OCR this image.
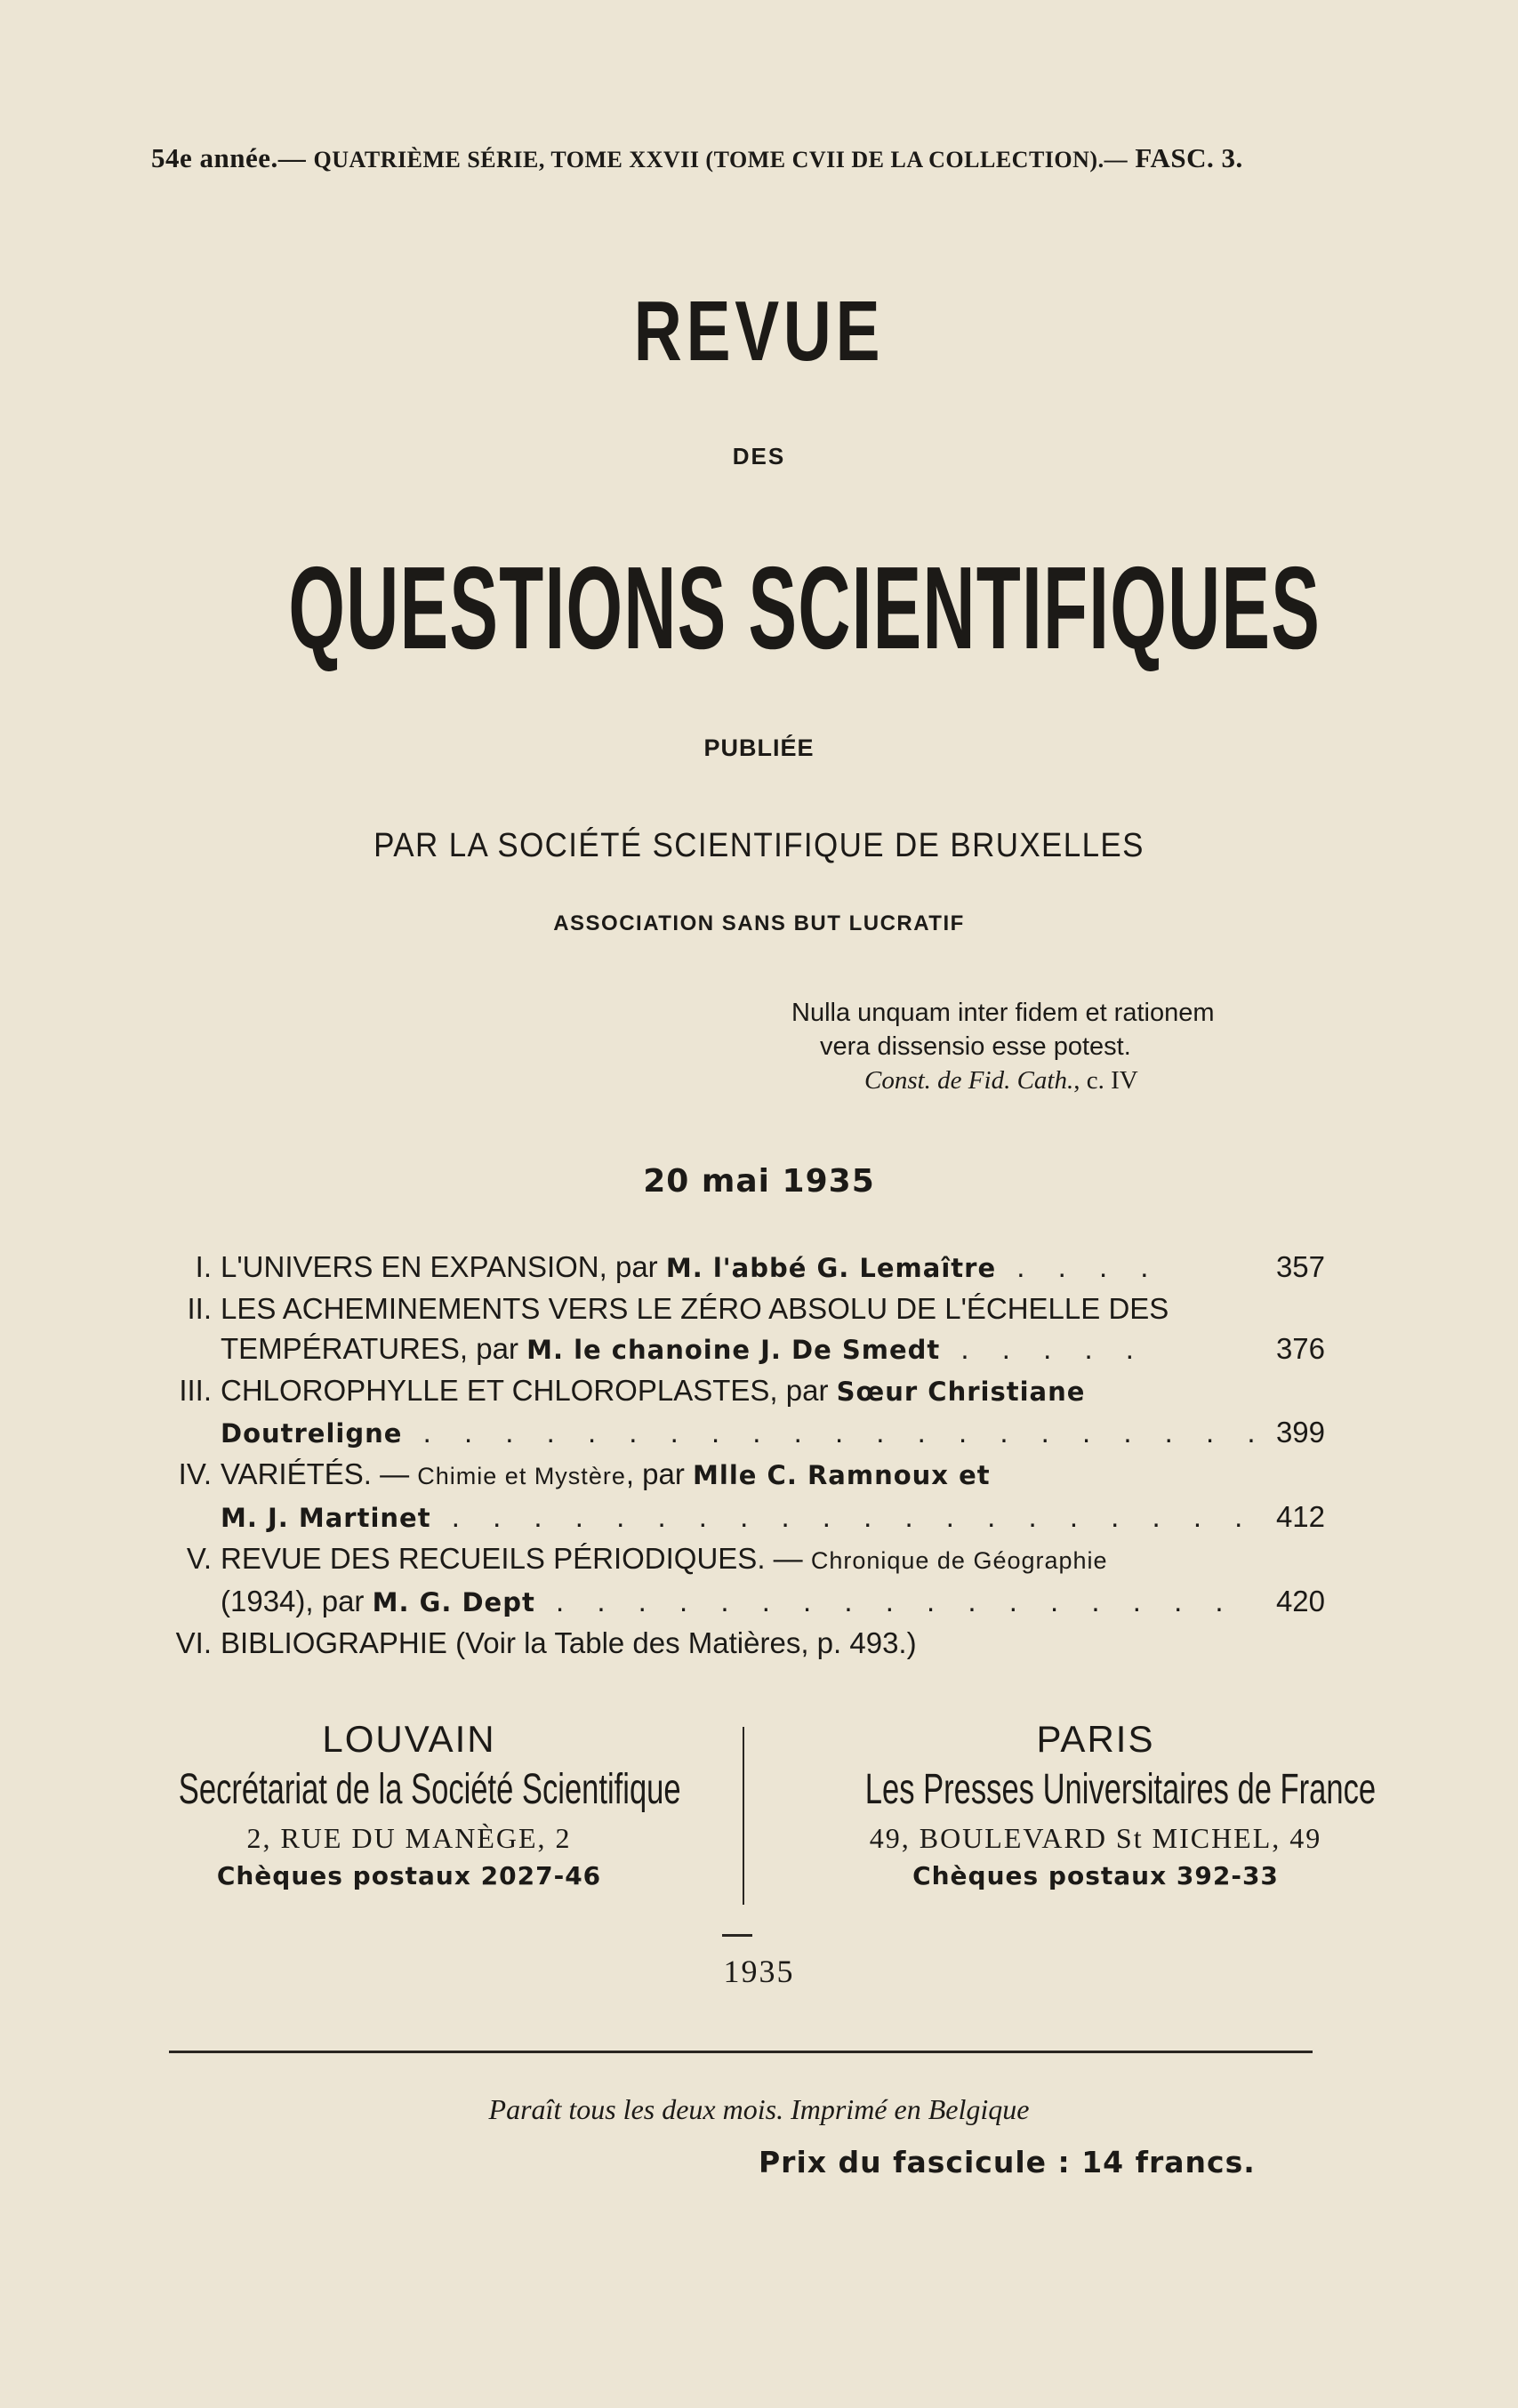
54e année.— QUATRIÈME SÉRIE, TOME XXVII (TOME CVII DE LA COLLECTION).— FASC. 3.
REVUE
DES
QUESTIONS SCIENTIFIQUES
PUBLIÉE
PAR LA SOCIÉTÉ SCIENTIFIQUE DE BRUXELLES
ASSOCIATION SANS BUT LUCRATIF
Nulla unquam inter fidem et rationem
vera dissensio esse potest.
Const. de Fid. Cath., c. IV
20 mai 1935
I. L'UNIVERS EN EXPANSION, par M. l'abbé G. Lemaître . . . .	357
II. LES ACHEMINEMENTS VERS LE ZÉRO ABSOLU DE L'ÉCHELLE DES
TEMPÉRATURES, par M. le chanoine J. De Smedt . . . . .	376
III. CHLOROPHYLLE ET CHLOROPLASTES, par Sœur Christiane
Doutreligne . . . . . . . . . . . . . . . . . . . . . 399
IV. VARIÉTÉS. — Chimie et Mystère, par Mlle C. Ramnoux et
M. J. Martinet . . . . . . . . . . . . . . . . . . . . 412
V. REVUE DES RECUEILS PÉRIODIQUES. — Chronique de Géographie
(1934), par M. G. Dept . . . . . . . . . . . . . . . . .	420
VI. BIBLIOGRAPHIE (Voir la Table des Matières, p. 493.)
LOUVAIN
Secrétariat de la Société Scientifique
2, RUE DU MANÈGE, 2
Chèques postaux 2027-46
PARIS
Les Presses Universitaires de France
49, BOULEVARD St MICHEL, 49
Chèques postaux 392-33
1935
Paraît tous les deux mois. Imprimé en Belgique
Prix du fascicule : 14 francs.
